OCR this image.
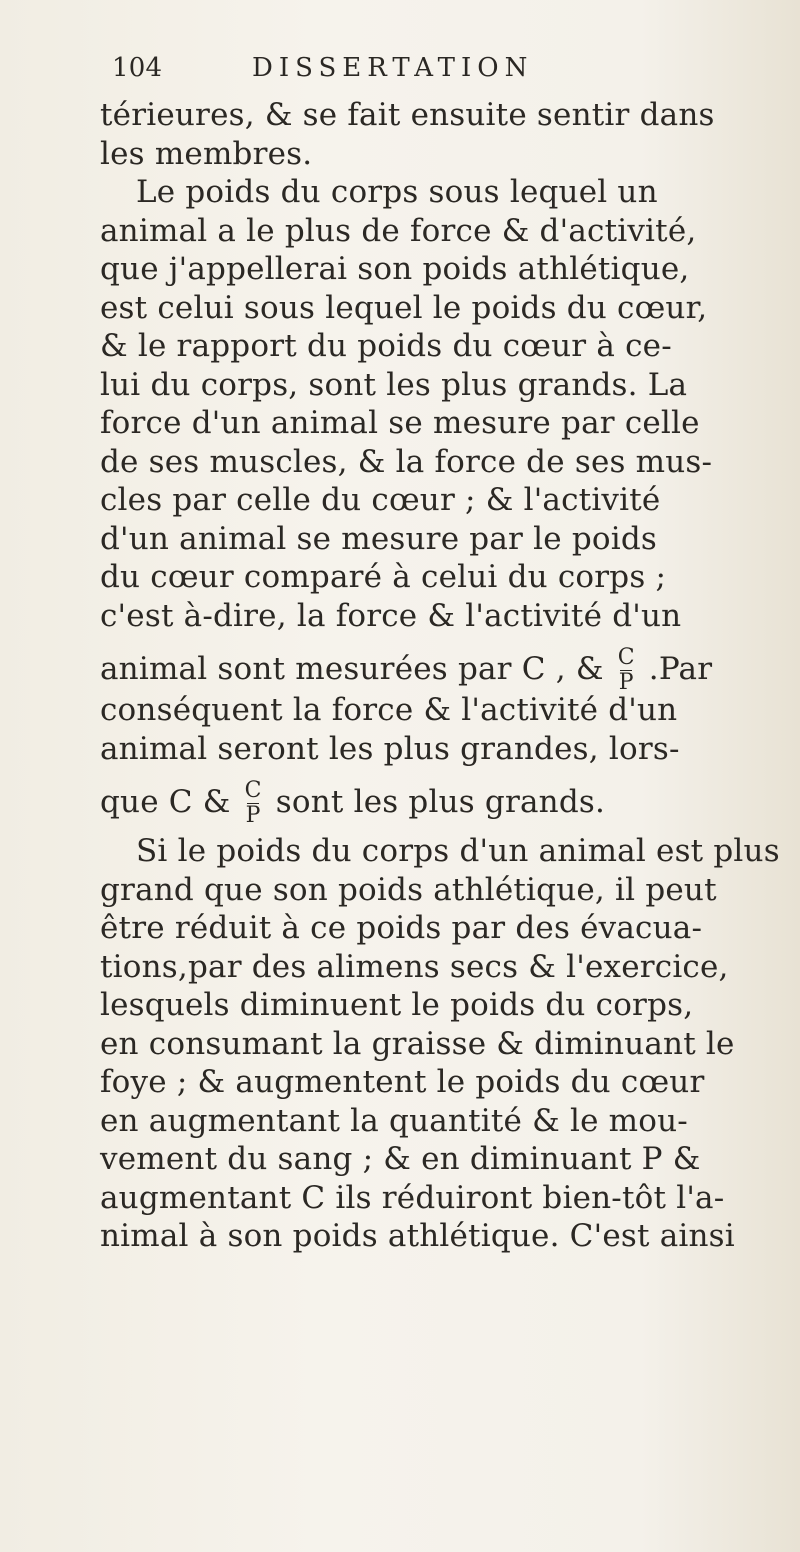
104	DISSERTATION
térieures, & se fait ensuite sentir dans
les membres.
Le poids du corps sous lequel un
animal a le plus de force & d'activité,
que j'appellerai son poids athlétique,
est celui sous lequel le poids du cœur,
& le rapport du poids du cœur à ce-
lui du corps, sont les plus grands. La
force d'un animal se mesure par celle
de ses muscles, & la force de ses mus-
cles par celle du cœur ; & l'activité
d'un animal se mesure par le poids
du cœur comparé à celui du corps ;
c'est à-dire, la force & l'activité d'un
animal sont mesurées par C , & $\frac{C}{P} .Par$
conséquent la force & l'activité d'un
animal seront les plus grandes, lors-
que C & $\frac{C}{P}$ sont les plus grands.
Si le poids du corps d'un animal est plus
grand que son poids athlétique, il peut
être réduit à ce poids par des évacua-
tions,par des alimens secs & l'exercice,
lesquels diminuent le poids du corps,
en consumant la graisse & diminuant le
foye ; & augmentent le poids du cœur
en augmentant la quantité & le mou-
vement du sang ; & en diminuant P &
augmentant C ils réduiront bien-tôt l'a-
nimal à son poids athlétique. C'est ainsi
